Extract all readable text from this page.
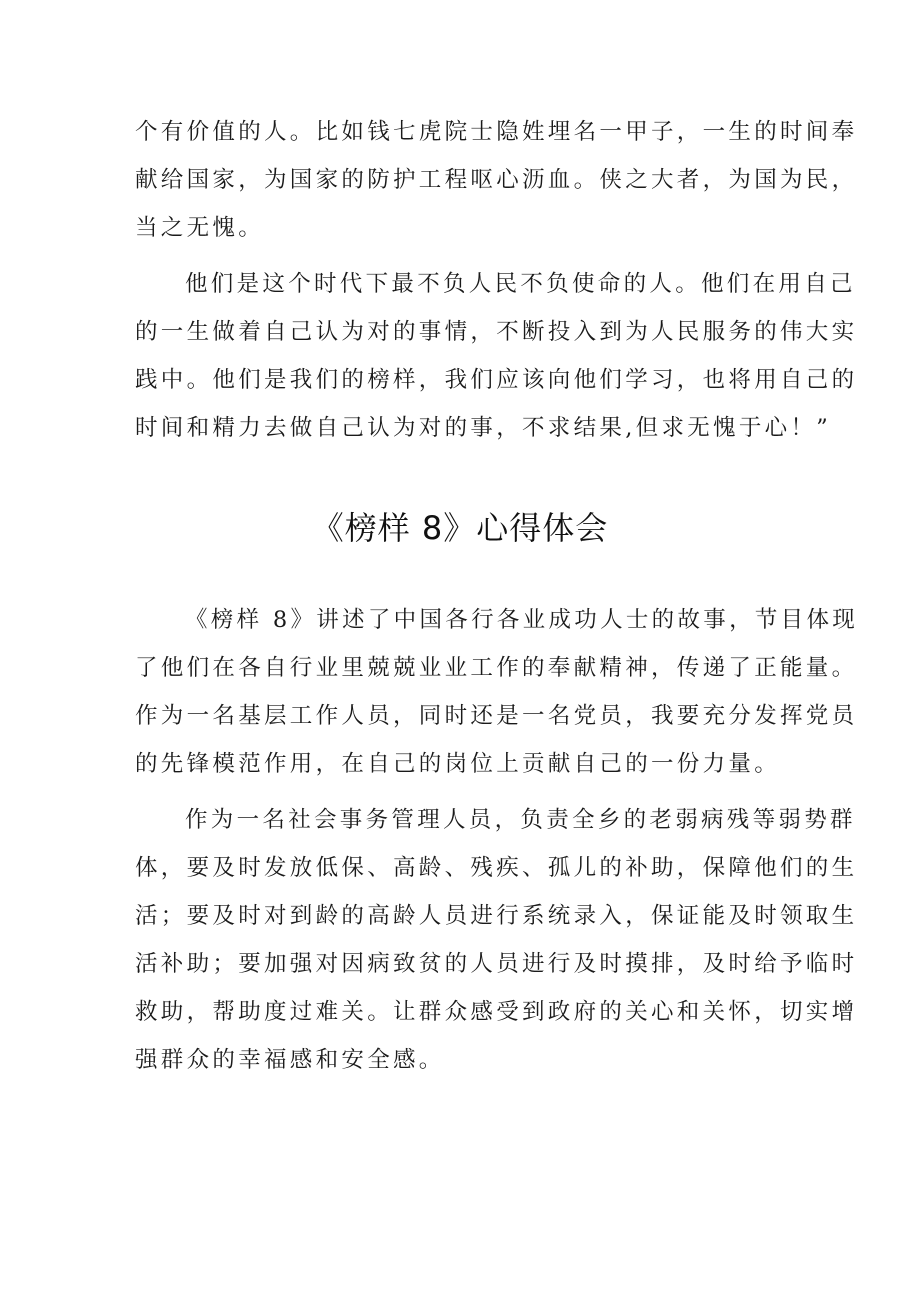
个有价值的人。比如钱七虎院士隐姓埋名一甲子，一生的时间奉
献给国家，为国家的防护工程呕心沥血。侠之大者，为国为民，
当之无愧。
他们是这个时代下最不负人民不负使命的人。他们在用自己
的一生做着自己认为对的事情，不断投入到为人民服务的伟大实
践中。他们是我们的榜样，我们应该向他们学习，也将用自己的
时间和精力去做自己认为对的事，不求结果,但求无愧于心！”
《榜样 8》心得体会
《榜样 8》讲述了中国各行各业成功人士的故事，节目体现
了他们在各自行业里兢兢业业工作的奉献精神，传递了正能量。
作为一名基层工作人员，同时还是一名党员，我要充分发挥党员
的先锋模范作用，在自己的岗位上贡献自己的一份力量。
作为一名社会事务管理人员，负责全乡的老弱病残等弱势群
体，要及时发放低保、高龄、残疾、孤儿的补助，保障他们的生
活；要及时对到龄的高龄人员进行系统录入，保证能及时领取生
活补助；要加强对因病致贫的人员进行及时摸排，及时给予临时
救助，帮助度过难关。让群众感受到政府的关心和关怀，切实增
强群众的幸福感和安全感。
